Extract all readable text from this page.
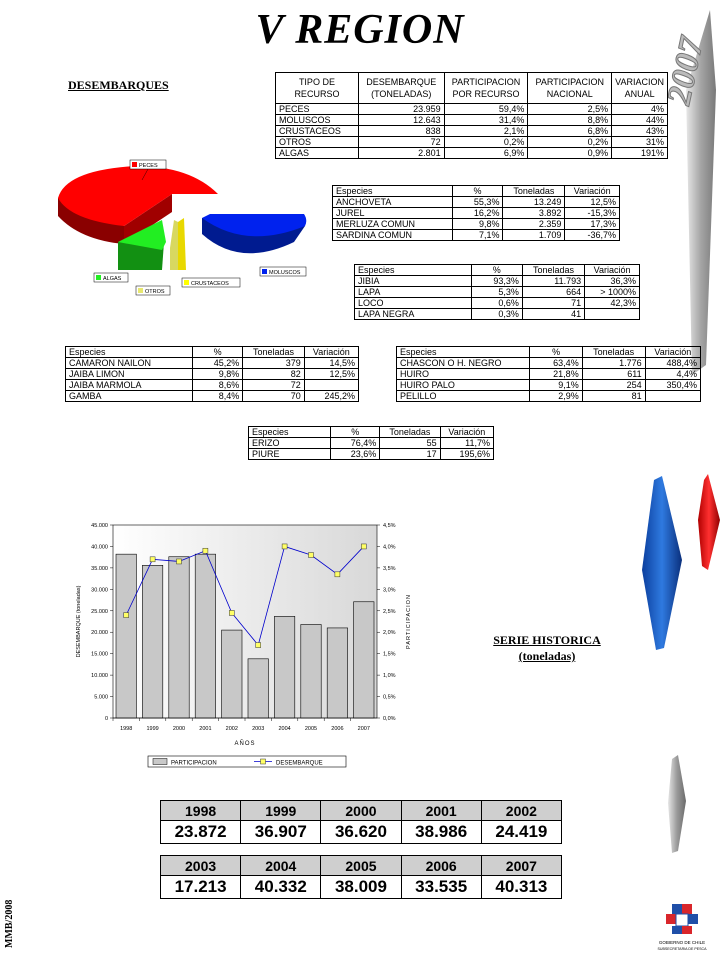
V REGION
2007
DESEMBARQUES	TIPO DE RECURSO	DESEMBARQUE (TONELADAS)	PARTICIPACION POR RECURSO	PARTICIPACION NACIONAL	VARIACION ANUAL
PECES	23.959	59,4%	2,5%	4%
MOLUSCOS	12.643	31,4%	8,8%	44%
CRUSTACEOS	838	2,1%	6,8%	43%
OTROS	72	0,2%	0,2%	31%
ALGAS	2.801	6,9%	0,9%	191%
PECES
MOLUSCOS
ALGAS
OTROS
CRUSTACEOS
Especies	%	Toneladas	Variación
ANCHOVETA	55,3%	13.249	12,5%
JUREL	16,2%	3.892	-15,3%
MERLUZA COMUN	9,8%	2.359	17,3%
SARDINA COMUN	7,1%	1.709	-36,7%
Especies	%	Toneladas	Variación
JIBIA	93,3%	11.793	36,3%
LAPA	5,3%	664	> 1000%
LOCO	0,6%	71	42,3%
LAPA NEGRA	0,3%	41	
Especies	%	Toneladas	Variación
CAMARON NAILON	45,2%	379	14,5%
JAIBA LIMON	9,8%	82	12,5%
JAIBA MARMOLA	8,6%	72	
GAMBA	8,4%	70	245,2%
Especies	%	Toneladas	Variación
CHASCON O H. NEGRO	63,4%	1.776	488,4%
HUIRO	21,8%	611	4,4%
HUIRO PALO	9,1%	254	350,4%
PELILLO	2,9%	81	
Especies	%	Toneladas	Variación
ERIZO	76,4%	55	11,7%
PIURE	23,6%	17	195,6%
0
5.000
10.000
15.000
20.000
25.000
30.000
35.000
40.000
45.000
0,0%
0,5%
1,0%
1,5%
2,0%
2,5%
3,0%
3,5%
4,0%
4,5%
1998	1999	2000	2001	2002	2003	2004	2005	2006	2007
AÑOS
DESEMBARQUE (toneladas)	PARTICIPACION
PARTICIPACION	DESEMBARQUE
SERIE HISTORICA
(toneladas)
1998	1999	2000	2001	2002
23.872	36.907	36.620	38.986	24.419
2003	2004	2005	2006	2007
17.213	40.332	38.009	33.535	40.313
MMB/2008	GOBIERNO DE CHILE
SUBSECRETARIA DE PESCA
